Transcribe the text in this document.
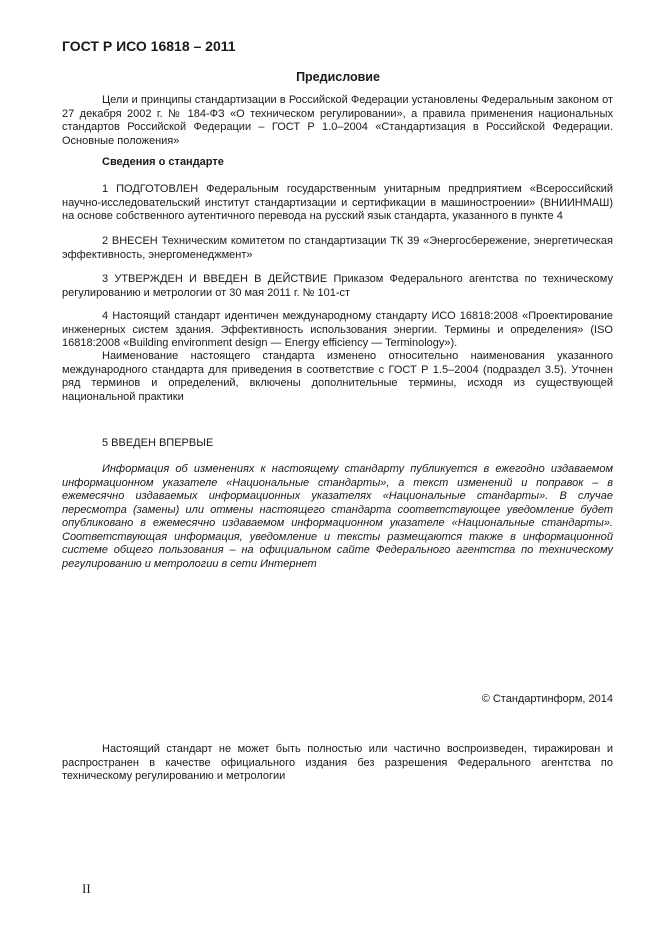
ГОСТ Р ИСО 16818 – 2011
Предисловие

Цели и принципы стандартизации в Российской Федерации установлены Федеральным законом от 27 декабря 2002 г. № 184-ФЗ «О техническом регулировании», а правила применения национальных стандартов Российской Федерации – ГОСТ Р 1.0–2004 «Стандартизация в Российской Федерации. Основные положения»

Сведения о стандарте

1 ПОДГОТОВЛЕН Федеральным государственным унитарным предприятием «Всероссийский научно-исследовательский институт стандартизации и сертификации в машиностроении» (ВНИИНМАШ) на основе собственного аутентичного перевода на русский язык стандарта, указанного в пункте 4

2 ВНЕСЕН Техническим комитетом по стандартизации ТК 39 «Энергосбережение, энергетическая эффективность, энергоменеджмент»

3 УТВЕРЖДЕН И ВВЕДЕН В ДЕЙСТВИЕ Приказом Федерального агентства по техническому регулированию и метрологии от 30 мая 2011 г. № 101-ст

4 Настоящий стандарт идентичен международному стандарту ИСО 16818:2008 «Проектирование инженерных систем здания. Эффективность использования энергии. Термины и определения» (ISO 16818:2008 «Building environment design — Energy efficiency — Terminology»).

Наименование настоящего стандарта изменено относительно наименования указанного международного стандарта для приведения в соответствие с ГОСТ Р 1.5–2004 (подраздел 3.5). Уточнен ряд терминов и определений, включены дополнительные термины, исходя из существующей национальной практики

5 ВВЕДЕН ВПЕРВЫЕ

Информация об изменениях к настоящему стандарту публикуется в ежегодно издаваемом информационном указателе «Национальные стандарты», а текст изменений и поправок – в ежемесячно издаваемых информационных указателях «Национальные стандарты». В случае пересмотра (замены) или отмены настоящего стандарта соответствующее уведомление будет опубликовано в ежемесячно издаваемом информационном указателе «Национальные стандарты». Соответствующая информация, уведомление и тексты размещаются также в информационной системе общего пользования – на официальном сайте Федерального агентства по техническому регулированию и метрологии в сети Интернет

© Стандартинформ, 2014

Настоящий стандарт не может быть полностью или частично воспроизведен, тиражирован и распространен в качестве официального издания без разрешения Федерального агентства по техническому регулированию и метрологии

II
